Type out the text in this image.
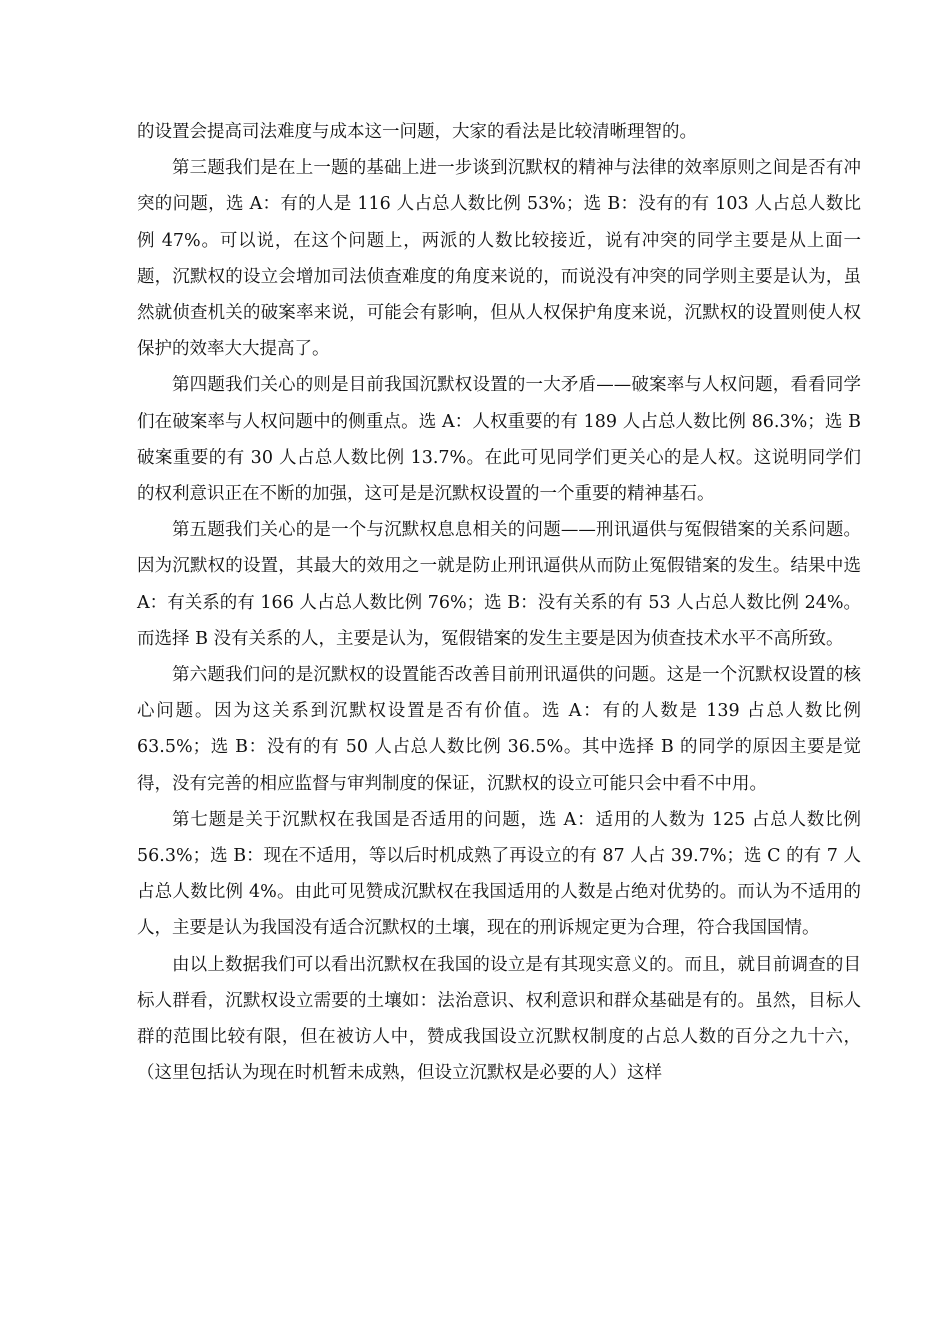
的设置会提高司法难度与成本这一问题，大家的看法是比较清晰理智的。

第三题我们是在上一题的基础上进一步谈到沉默权的精神与法律的效率原则之间是否有冲突的问题，选 A：有的人是 116 人占总人数比例 53%；选 B：没有的有 103 人占总人数比例 47%。可以说，在这个问题上，两派的人数比较接近，说有冲突的同学主要是从上面一题，沉默权的设立会增加司法侦查难度的角度来说的，而说没有冲突的同学则主要是认为，虽然就侦查机关的破案率来说，可能会有影响，但从人权保护角度来说，沉默权的设置则使人权保护的效率大大提高了。

第四题我们关心的则是目前我国沉默权设置的一大矛盾——破案率与人权问题，看看同学们在破案率与人权问题中的侧重点。选 A：人权重要的有 189 人占总人数比例 86.3%；选 B 破案重要的有 30 人占总人数比例 13.7%。在此可见同学们更关心的是人权。这说明同学们的权利意识正在不断的加强，这可是是沉默权设置的一个重要的精神基石。

第五题我们关心的是一个与沉默权息息相关的问题——刑讯逼供与冤假错案的关系问题。因为沉默权的设置，其最大的效用之一就是防止刑讯逼供从而防止冤假错案的发生。结果中选 A：有关系的有 166 人占总人数比例 76%；选 B：没有关系的有 53 人占总人数比例 24%。而选择 B 没有关系的人，主要是认为，冤假错案的发生主要是因为侦查技术水平不高所致。

第六题我们问的是沉默权的设置能否改善目前刑讯逼供的问题。这是一个沉默权设置的核心问题。因为这关系到沉默权设置是否有价值。选 A：有的人数是 139 占总人数比例 63.5%；选 B：没有的有 50 人占总人数比例 36.5%。其中选择 B 的同学的原因主要是觉得，没有完善的相应监督与审判制度的保证，沉默权的设立可能只会中看不中用。

第七题是关于沉默权在我国是否适用的问题，选 A：适用的人数为 125 占总人数比例 56.3%；选 B：现在不适用，等以后时机成熟了再设立的有 87 人占 39.7%；选 C 的有 7 人占总人数比例 4%。由此可见赞成沉默权在我国适用的人数是占绝对优势的。而认为不适用的人，主要是认为我国没有适合沉默权的土壤，现在的刑诉规定更为合理，符合我国国情。

由以上数据我们可以看出沉默权在我国的设立是有其现实意义的。而且，就目前调查的目标人群看，沉默权设立需要的土壤如：法治意识、权利意识和群众基础是有的。虽然，目标人群的范围比较有限，但在被访人中，赞成我国设立沉默权制度的占总人数的百分之九十六，（这里包括认为现在时机暂未成熟，但设立沉默权是必要的人）这样
